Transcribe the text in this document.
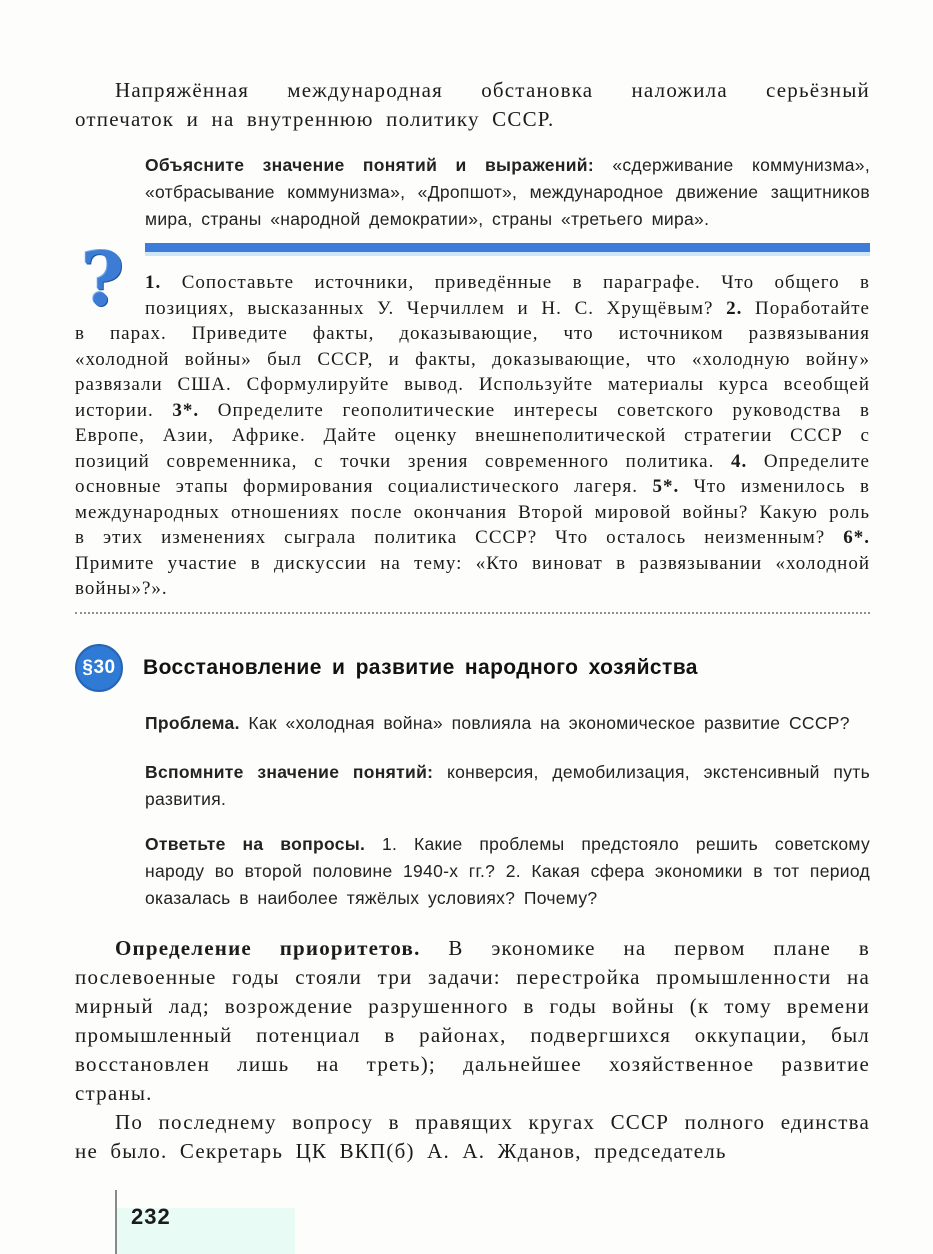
Напряжённая международная обстановка наложила серьёзный отпечаток и на внутреннюю политику СССР.

Объясните значение понятий и выражений: «сдерживание коммунизма», «отбрасывание коммунизма», «Дропшот», международное движение защитников мира, страны «народной демократии», страны «третьего мира».
?	1. Сопоставьте источники, приведённые в параграфе. Что общего в позициях, высказанных У. Черчиллем и Н. С. Хрущёвым? 2. Поработайте в парах. Приведите факты, доказывающие, что источником развязывания «холодной войны» был СССР, и факты, доказывающие, что «холодную войну» развязали США. Сформулируйте вывод. Используйте материалы курса всеобщей истории. 3*. Определите геополитические интересы советского руководства в Европе, Азии, Африке. Дайте оценку внешнеполитической стратегии СССР с позиций современника, с точки зрения современного политика. 4. Определите основные этапы формирования социалистического лагеря. 5*. Что изменилось в международных отношениях после окончания Второй мировой войны? Какую роль в этих изменениях сыграла политика СССР? Что осталось неизменным? 6*. Примите участие в дискуссии на тему: «Кто виноват в развязывании «холодной войны»?».

§30	Восстановление и развитие народного хозяйства
Проблема. Как «холодная война» повлияла на экономическое развитие СССР?
Вспомните значение понятий: конверсия, демобилизация, экстенсивный путь развития.
Ответьте на вопросы. 1. Какие проблемы предстояло решить советскому народу во второй половине 1940-х гг.? 2. Какая сфера экономики в тот период оказалась в наиболее тяжёлых условиях? Почему?

Определение приоритетов. В экономике на первом плане в послевоенные годы стояли три задачи: перестройка промышленности на мирный лад; возрождение разрушенного в годы войны (к тому времени промышленный потенциал в районах, подвергшихся оккупации, был восстановлен лишь на треть); дальнейшее хозяйственное развитие страны.

По последнему вопросу в правящих кругах СССР полного единства не было. Секретарь ЦК ВКП(б) А. А. Жданов, председатель

232
